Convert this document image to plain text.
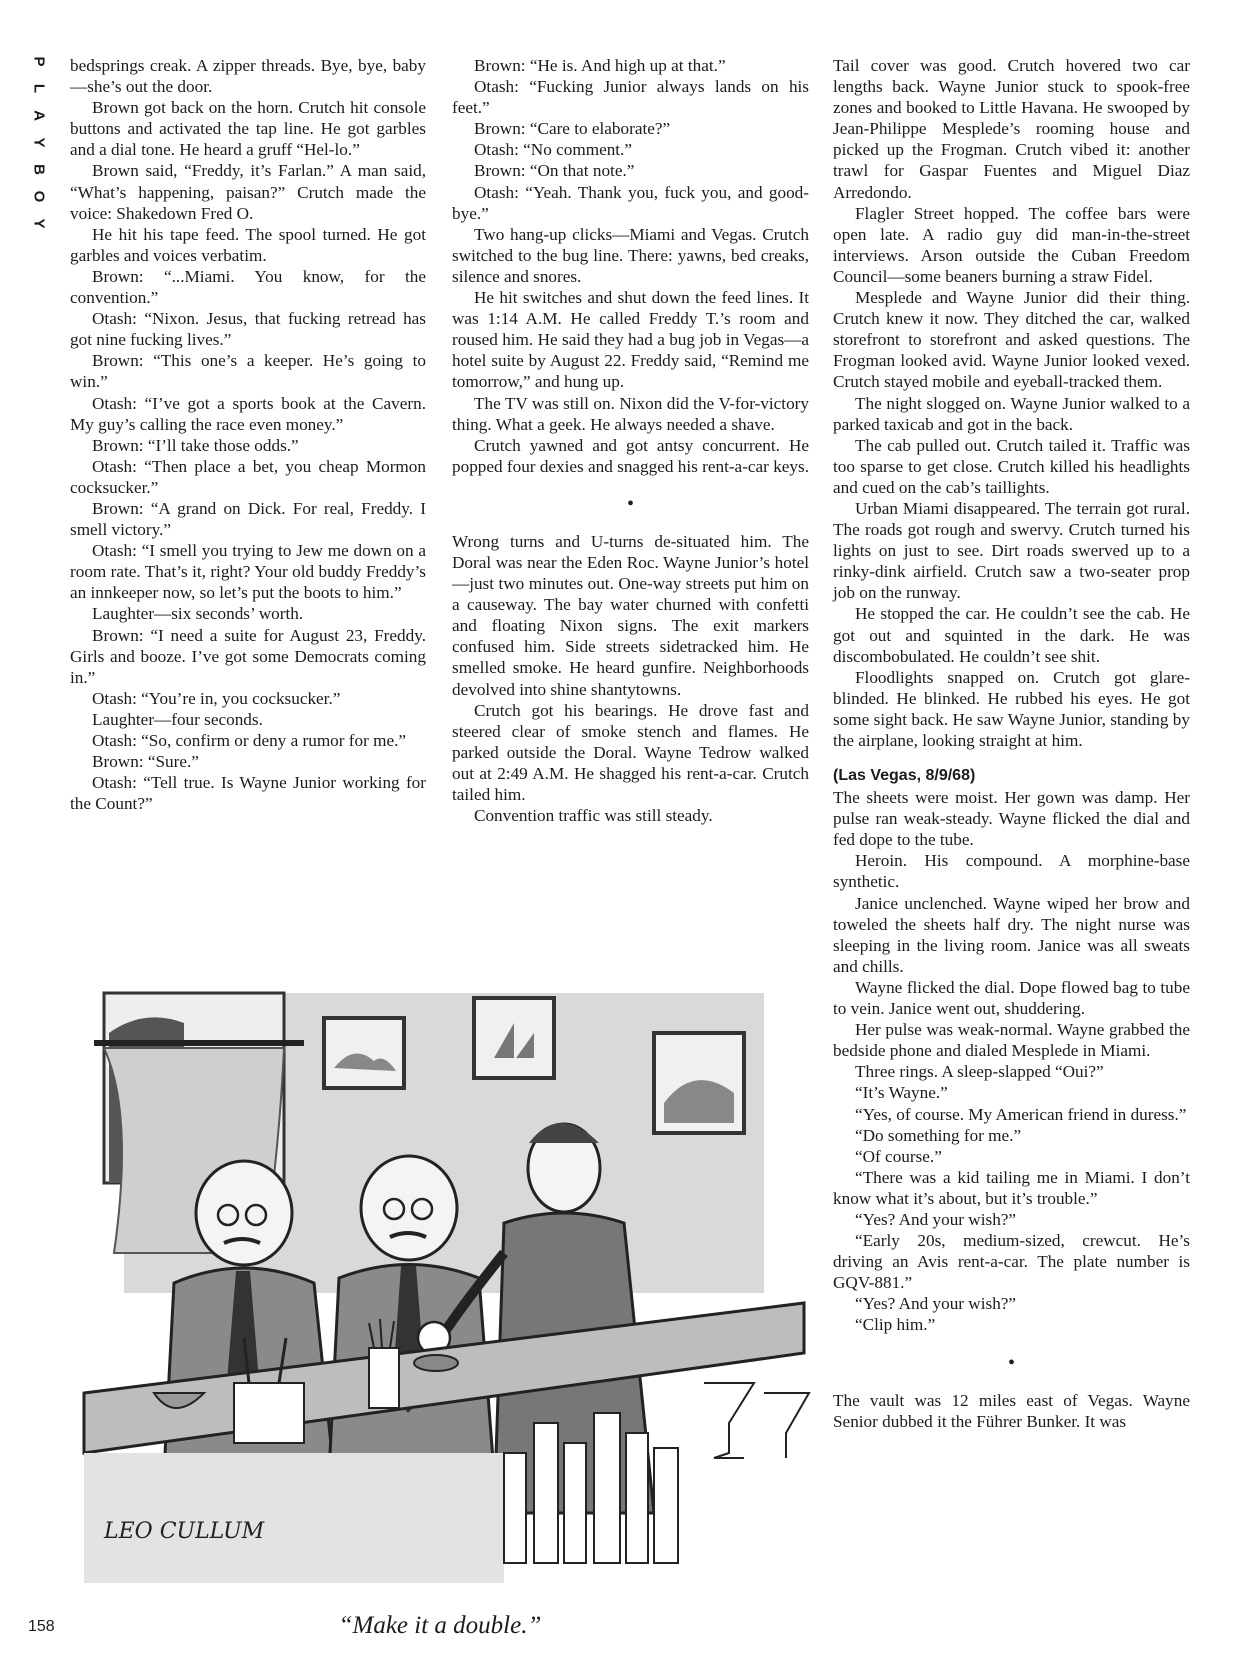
P
L
A
Y
B
O
Y

bedsprings creak. A zipper threads. Bye, bye, baby—she’s out the door.

Brown got back on the horn. Crutch hit console buttons and activated the tap line. He got garbles and a dial tone. He heard a gruff “Hel-lo.”

Brown said, “Freddy, it’s Farlan.” A man said, “What’s happening, paisan?” Crutch made the voice: Shakedown Fred O.

He hit his tape feed. The spool turned. He got garbles and voices verbatim.

Brown: “...Miami. You know, for the convention.”

Otash: “Nixon. Jesus, that fucking retread has got nine fucking lives.”

Brown: “This one’s a keeper. He’s going to win.”

Otash: “I’ve got a sports book at the Cavern. My guy’s calling the race even money.”

Brown: “I’ll take those odds.”

Otash: “Then place a bet, you cheap Mormon cocksucker.”

Brown: “A grand on Dick. For real, Freddy. I smell victory.”

Otash: “I smell you trying to Jew me down on a room rate. That’s it, right? Your old buddy Freddy’s an innkeeper now, so let’s put the boots to him.”

Laughter—six seconds’ worth.

Brown: “I need a suite for August 23, Freddy. Girls and booze. I’ve got some Democrats coming in.”

Otash: “You’re in, you cocksucker.”

Laughter—four seconds.

Otash: “So, confirm or deny a rumor for me.”

Brown: “Sure.”

Otash: “Tell true. Is Wayne Junior working for the Count?”

Brown: “He is. And high up at that.”

Otash: “Fucking Junior always lands on his feet.”

Brown: “Care to elaborate?”

Otash: “No comment.”

Brown: “On that note.”

Otash: “Yeah. Thank you, fuck you, and good-bye.”

Two hang-up clicks—Miami and Vegas. Crutch switched to the bug line. There: yawns, bed creaks, silence and snores.

He hit switches and shut down the feed lines. It was 1:14 A.M. He called Freddy T.’s room and roused him. He said they had a bug job in Vegas—a hotel suite by August 22. Freddy said, “Remind me tomorrow,” and hung up.

The TV was still on. Nixon did the V-for-victory thing. What a geek. He always needed a shave.

Crutch yawned and got antsy concurrent. He popped four dexies and snagged his rent-a-car keys.

•

Wrong turns and U-turns de-situated him. The Doral was near the Eden Roc. Wayne Junior’s hotel—just two minutes out. One-way streets put him on a causeway. The bay water churned with confetti and floating Nixon signs. The exit markers confused him. Side streets sidetracked him. He smelled smoke. He heard gunfire. Neighborhoods devolved into shine shantytowns.

Crutch got his bearings. He drove fast and steered clear of smoke stench and flames. He parked outside the Doral. Wayne Tedrow walked out at 2:49 A.M. He shagged his rent-a-car. Crutch tailed him.

Convention traffic was still steady.

Tail cover was good. Crutch hovered two car lengths back. Wayne Junior stuck to spook-free zones and booked to Little Havana. He swooped by Jean-Philippe Mesplede’s rooming house and picked up the Frogman. Crutch vibed it: another trawl for Gaspar Fuentes and Miguel Diaz Arredondo.

Flagler Street hopped. The coffee bars were open late. A radio guy did man-in-the-street interviews. Arson outside the Cuban Freedom Council—some beaners burning a straw Fidel.

Mesplede and Wayne Junior did their thing. Crutch knew it now. They ditched the car, walked storefront to storefront and asked questions. The Frogman looked avid. Wayne Junior looked vexed. Crutch stayed mobile and eyeball-tracked them.

The night slogged on. Wayne Junior walked to a parked taxicab and got in the back.

The cab pulled out. Crutch tailed it. Traffic was too sparse to get close. Crutch killed his headlights and cued on the cab’s taillights.

Urban Miami disappeared. The terrain got rural. The roads got rough and swervy. Crutch turned his lights on just to see. Dirt roads swerved up to a rinky-dink airfield. Crutch saw a two-seater prop job on the runway.

He stopped the car. He couldn’t see the cab. He got out and squinted in the dark. He was discombobulated. He couldn’t see shit.

Floodlights snapped on. Crutch got glare-blinded. He blinked. He rubbed his eyes. He got some sight back. He saw Wayne Junior, standing by the airplane, looking straight at him.

(Las Vegas, 8/9/68)

The sheets were moist. Her gown was damp. Her pulse ran weak-steady. Wayne flicked the dial and fed dope to the tube.

Heroin. His compound. A morphine-base synthetic.

Janice unclenched. Wayne wiped her brow and toweled the sheets half dry. The night nurse was sleeping in the living room. Janice was all sweats and chills.

Wayne flicked the dial. Dope flowed bag to tube to vein. Janice went out, shuddering.

Her pulse was weak-normal. Wayne grabbed the bedside phone and dialed Mesplede in Miami.

Three rings. A sleep-slapped “Oui?”

“It’s Wayne.”

“Yes, of course. My American friend in duress.”

“Do something for me.”

“Of course.”

“There was a kid tailing me in Miami. I don’t know what it’s about, but it’s trouble.”

“Yes? And your wish?”

“Early 20s, medium-sized, crewcut. He’s driving an Avis rent-a-car. The plate number is GQV-881.”

“Yes? And your wish?”

“Clip him.”

•

The vault was 12 miles east of Vegas. Wayne Senior dubbed it the Führer Bunker. It was

LEO CULLUM
158	“Make it a double.”
